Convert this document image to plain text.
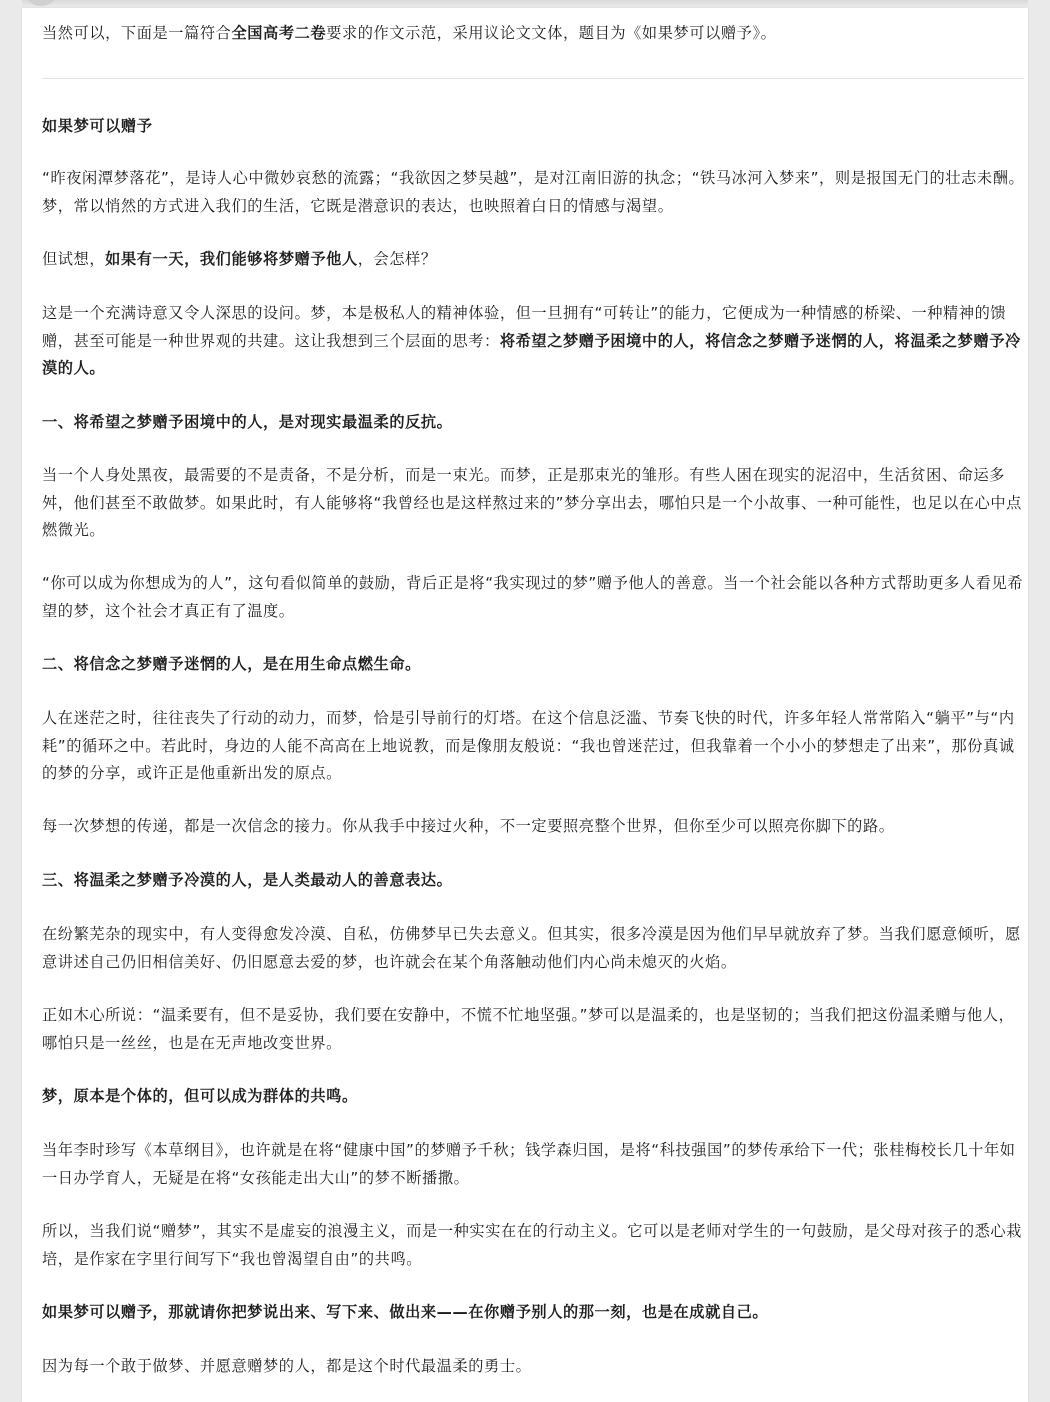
当然可以，下面是一篇符合全国高考二卷要求的作文示范，采用议论文文体，题目为《如果梦可以赠予》。

如果梦可以赠予

“昨夜闲潭梦落花”，是诗人心中微妙哀愁的流露；“我欲因之梦吴越”，是对江南旧游的执念；“铁马冰河入梦来”，则是报国无门的壮志未酬。梦，常以悄然的方式进入我们的生活，它既是潜意识的表达，也映照着白日的情感与渴望。

但试想，如果有一天，我们能够将梦赠予他人，会怎样？

这是一个充满诗意又令人深思的设问。梦，本是极私人的精神体验，但一旦拥有“可转让”的能力，它便成为一种情感的桥梁、一种精神的馈赠，甚至可能是一种世界观的共建。这让我想到三个层面的思考：将希望之梦赠予困境中的人，将信念之梦赠予迷惘的人，将温柔之梦赠予冷漠的人。

一、将希望之梦赠予困境中的人，是对现实最温柔的反抗。

当一个人身处黑夜，最需要的不是责备，不是分析，而是一束光。而梦，正是那束光的雏形。有些人困在现实的泥沼中，生活贫困、命运多舛，他们甚至不敢做梦。如果此时，有人能够将“我曾经也是这样熬过来的”梦分享出去，哪怕只是一个小故事、一种可能性，也足以在心中点燃微光。

“你可以成为你想成为的人”，这句看似简单的鼓励，背后正是将“我实现过的梦”赠予他人的善意。当一个社会能以各种方式帮助更多人看见希望的梦，这个社会才真正有了温度。

二、将信念之梦赠予迷惘的人，是在用生命点燃生命。

人在迷茫之时，往往丧失了行动的动力，而梦，恰是引导前行的灯塔。在这个信息泛滥、节奏飞快的时代，许多年轻人常常陷入“躺平”与“内耗”的循环之中。若此时，身边的人能不高高在上地说教，而是像朋友般说：“我也曾迷茫过，但我靠着一个小小的梦想走了出来”，那份真诚的梦的分享，或许正是他重新出发的原点。

每一次梦想的传递，都是一次信念的接力。你从我手中接过火种，不一定要照亮整个世界，但你至少可以照亮你脚下的路。

三、将温柔之梦赠予冷漠的人，是人类最动人的善意表达。

在纷繁芜杂的现实中，有人变得愈发冷漠、自私，仿佛梦早已失去意义。但其实，很多冷漠是因为他们早早就放弃了梦。当我们愿意倾听，愿意讲述自己仍旧相信美好、仍旧愿意去爱的梦，也许就会在某个角落触动他们内心尚未熄灭的火焰。

正如木心所说：“温柔要有，但不是妥协，我们要在安静中，不慌不忙地坚强。”梦可以是温柔的，也是坚韧的；当我们把这份温柔赠与他人，哪怕只是一丝丝，也是在无声地改变世界。

梦，原本是个体的，但可以成为群体的共鸣。

当年李时珍写《本草纲目》，也许就是在将“健康中国”的梦赠予千秋；钱学森归国，是将“科技强国”的梦传承给下一代；张桂梅校长几十年如一日办学育人，无疑是在将“女孩能走出大山”的梦不断播撒。

所以，当我们说“赠梦”，其实不是虚妄的浪漫主义，而是一种实实在在的行动主义。它可以是老师对学生的一句鼓励，是父母对孩子的悉心栽培，是作家在字里行间写下“我也曾渴望自由”的共鸣。

如果梦可以赠予，那就请你把梦说出来、写下来、做出来——在你赠予别人的那一刻，也是在成就自己。

因为每一个敢于做梦、并愿意赠梦的人，都是这个时代最温柔的勇士。
